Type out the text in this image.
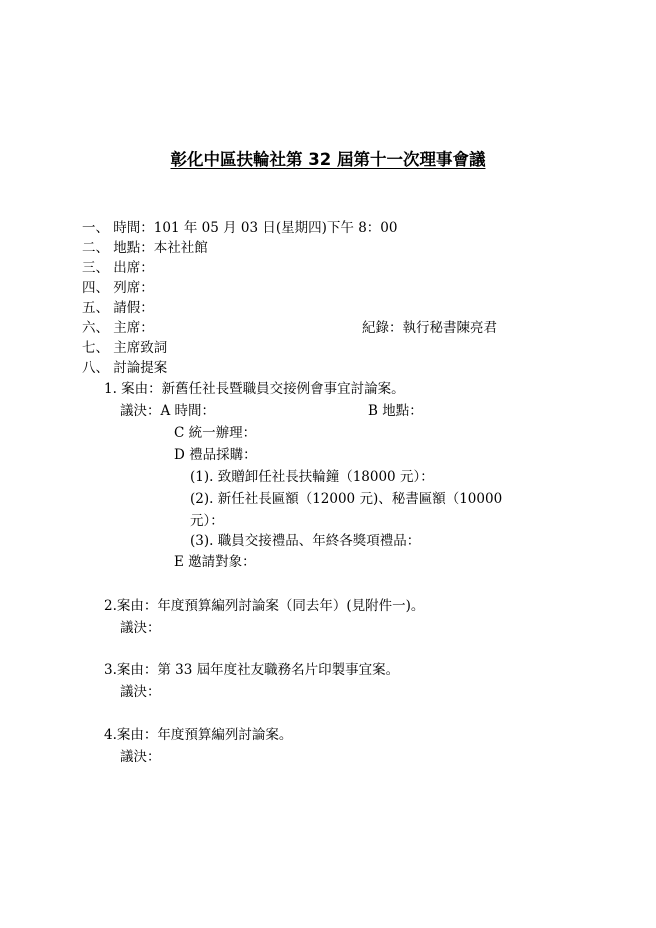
彰化中區扶輪社第 32 屆第十一次理事會議
一、 時間：101 年 05 月 03 日(星期四)下午 8：00
二、 地點：本社社館
三、 出席：
四、 列席：
五、 請假：
六、 主席：	紀錄：執行秘書陳亮君
七、 主席致詞
八、 討論提案
1. 案由：新舊任社長暨職員交接例會事宜討論案。
議決：A 時間：	B 地點：
C 統一辦理：
D 禮品採購：
(1). 致贈卸任社長扶輪鐘（18000 元）：
(2). 新任社長匾額（12000 元)、秘書匾額（10000
元）：
(3). 職員交接禮品、年終各獎項禮品：
E 邀請對象：
2.案由：年度預算編列討論案（同去年）(見附件一)。
議決：
3.案由：第 33 屆年度社友職務名片印製事宜案。
議決：
4.案由：年度預算編列討論案。
議決：
